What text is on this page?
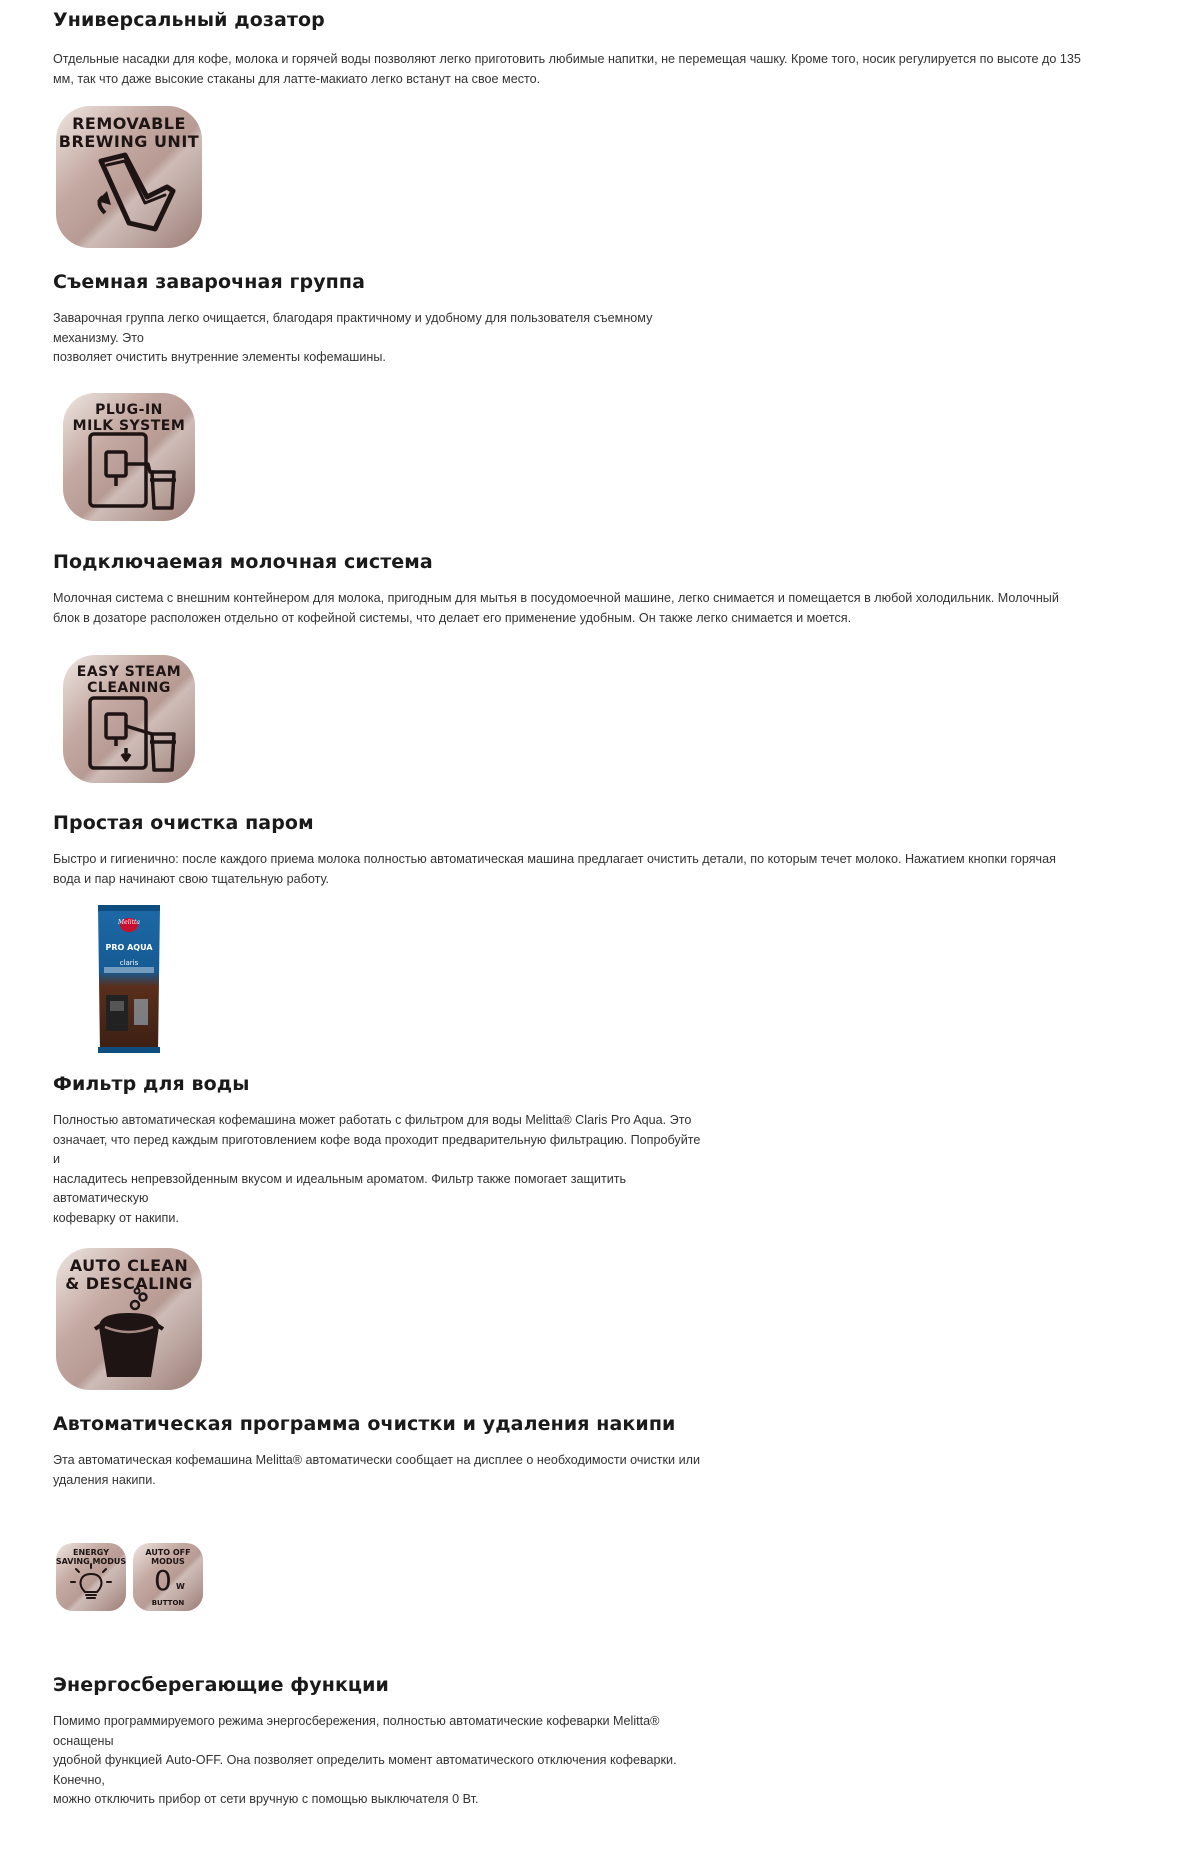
Универсальный дозатор

Отдельные насадки для кофе, молока и горячей воды позволяют легко приготовить любимые напитки, не перемещая чашку. Кроме того, носик регулируется по высоте до 135

мм, так что даже высокие стаканы для латте-макиато легко встанут на свое место.

REMOVABLE
BREWING UNIT
Съемная заварочная группа

Заварочная группа легко очищается, благодаря практичному и удобному для пользователя съемному

механизму. Это

позволяет очистить внутренние элементы кофемашины.

PLUG-IN
MILK SYSTEM
Подключаемая молочная система

Молочная система с внешним контейнером для молока, пригодным для мытья в посудомоечной машине, легко снимается и помещается в любой холодильник. Молочный

блок в дозаторе расположен отдельно от кофейной системы, что делает его применение удобным. Он также легко снимается и моется.

EASY STEAM
CLEANING
Простая очистка паром

Быстро и гигиенично: после каждого приема молока полностью автоматическая машина предлагает очистить детали, по которым течет молоко. Нажатием кнопки горячая

вода и пар начинают свою тщательную работу.

Melitta
PRO AQUA
claris
Фильтр для воды

Полностью автоматическая кофемашина может работать с фильтром для воды Melitta® Claris Pro Aqua. Это

означает, что перед каждым приготовлением кофе вода проходит предварительную фильтрацию. Попробуйте

и

насладитесь непревзойденным вкусом и идеальным ароматом. Фильтр также помогает защитить

автоматическую

кофеварку от накипи.

AUTO CLEAN
& DESCALING
Автоматическая программа очистки и удаления накипи

Эта автоматическая кофемашина Melitta® автоматически сообщает на дисплее о необходимости очистки или

удаления накипи.

ENERGY
SAVING MODUS
AUTO OFF
MODUS
0 W
BUTTON
Энергосберегающие функции

Помимо программируемого режима энергосбережения, полностью автоматические кофеварки Melitta®

оснащены

удобной функцией Auto-OFF. Она позволяет определить момент автоматического отключения кофеварки.

Конечно,

можно отключить прибор от сети вручную с помощью выключателя 0 Вт.
